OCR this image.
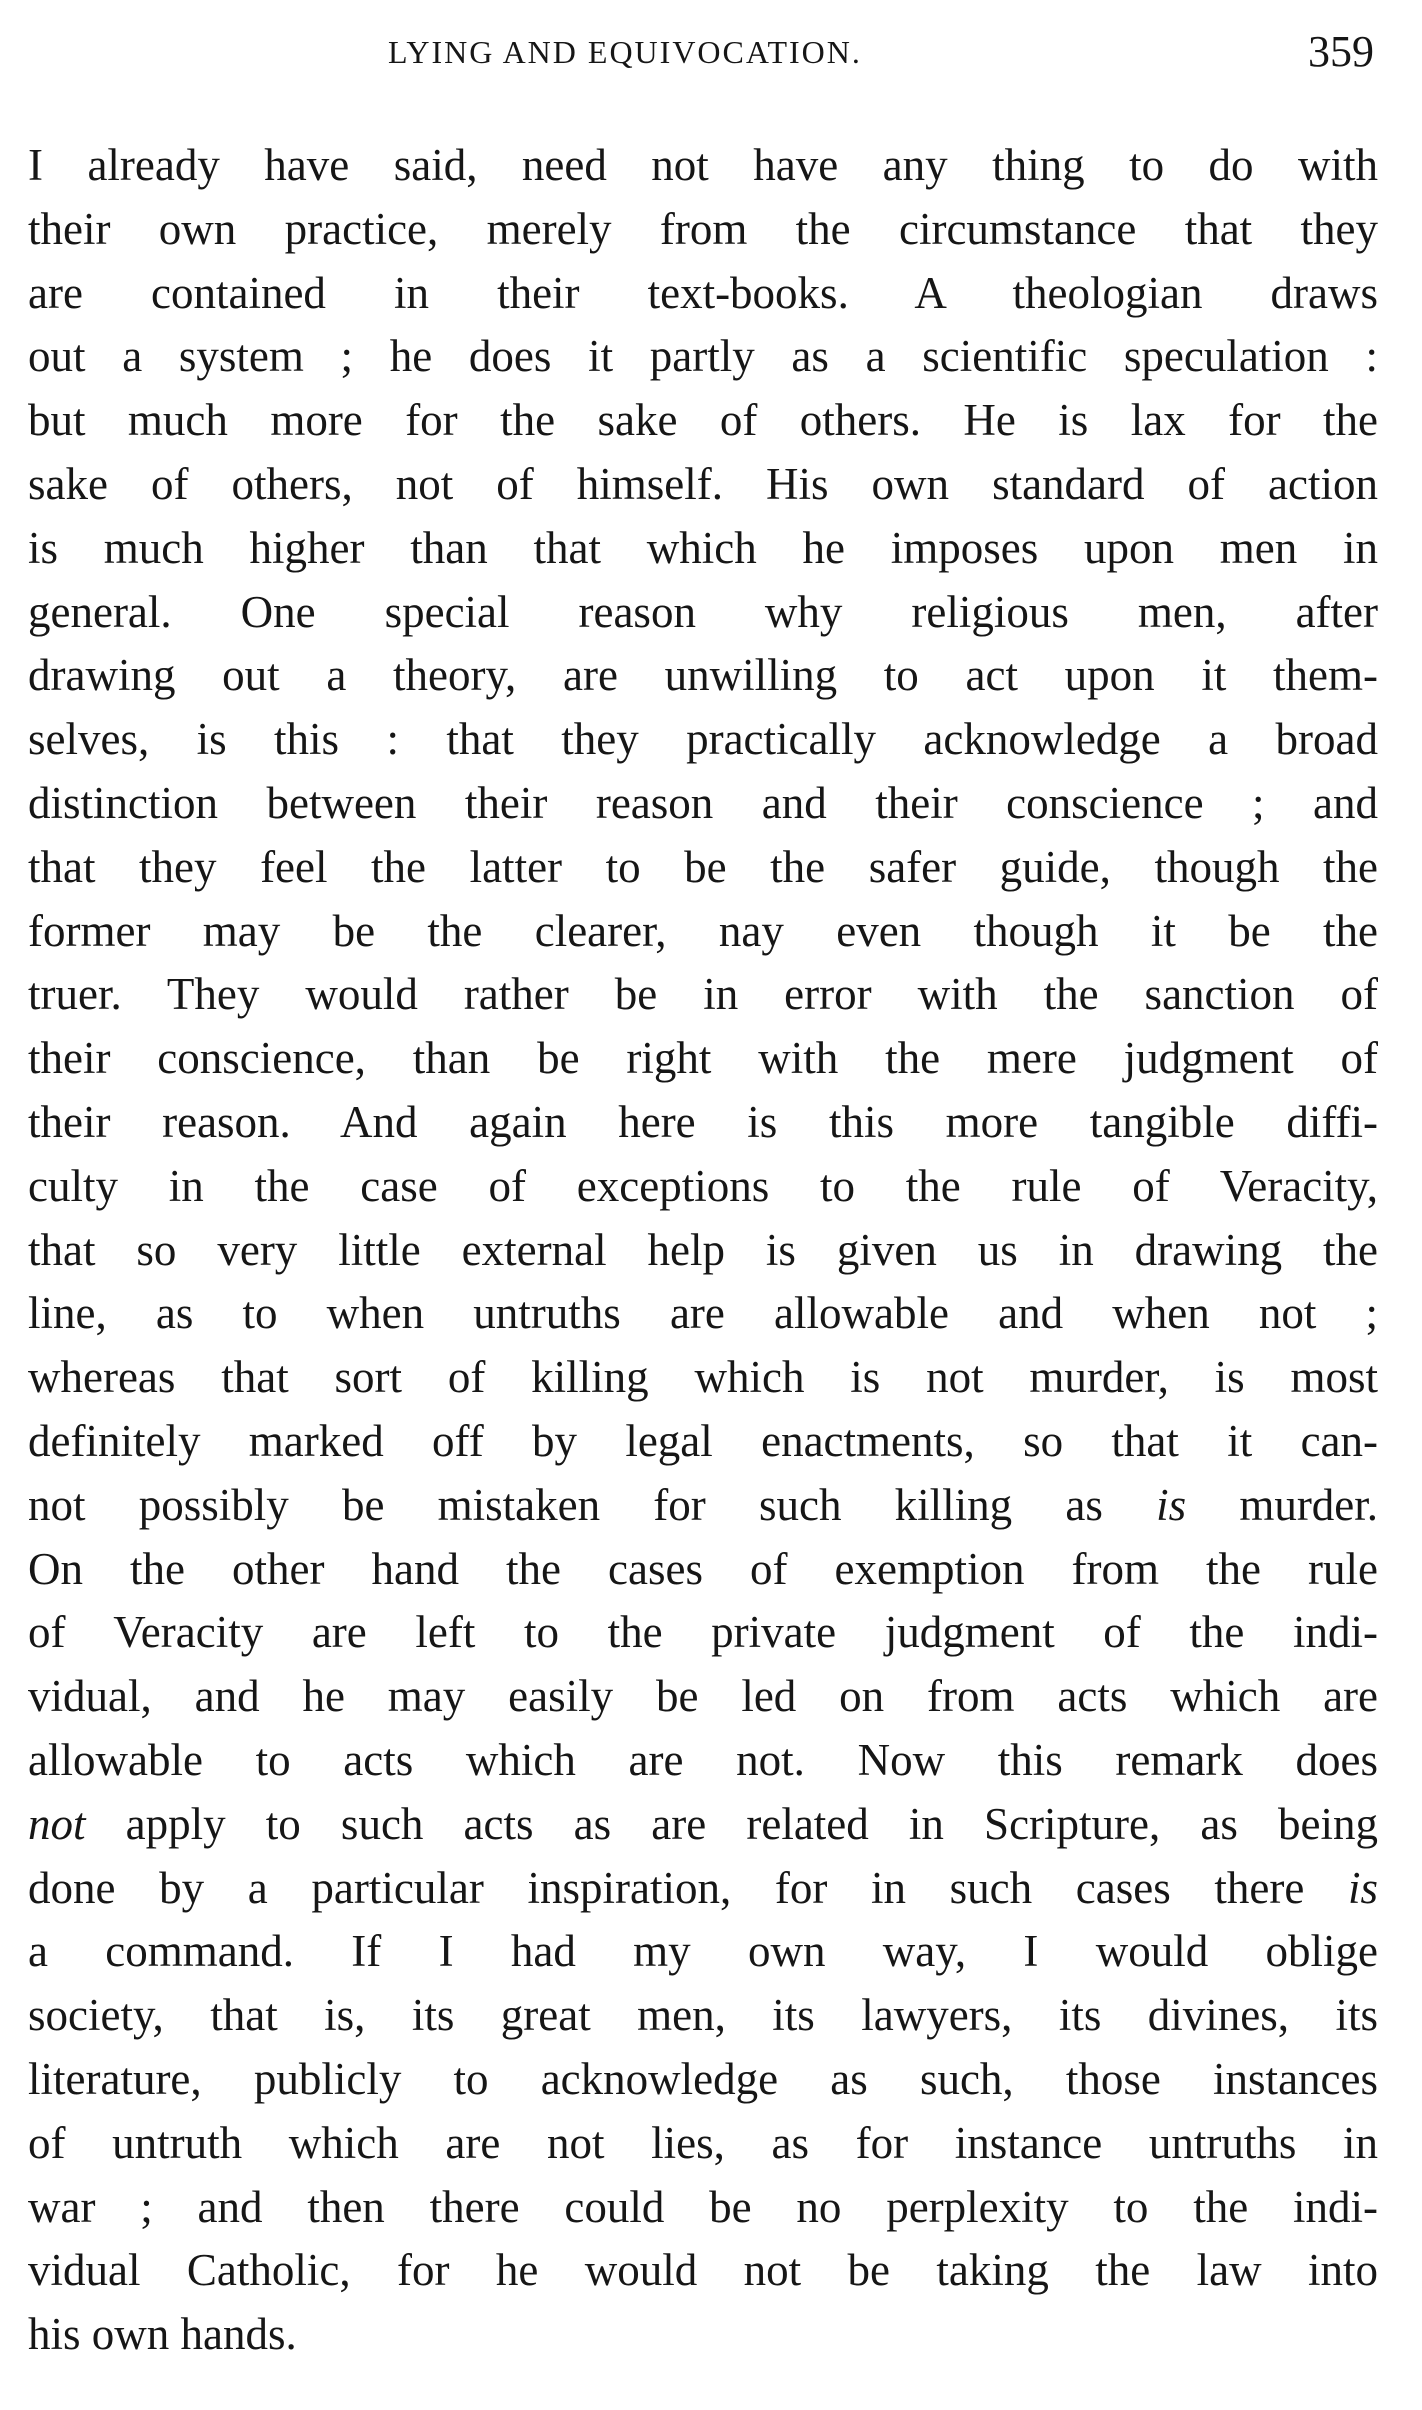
LYING AND EQUIVOCATION.	359
I already have said, need not have any thing to do with
their own practice, merely from the circumstance that they
are contained in their text-books. A theologian draws
out a system ; he does it partly as a scientific speculation :
but much more for the sake of others. He is lax for the
sake of others, not of himself. His own standard of action
is much higher than that which he imposes upon men in
general. One special reason why religious men, after
drawing out a theory, are unwilling to act upon it them-
selves, is this : that they practically acknowledge a broad
distinction between their reason and their conscience ; and
that they feel the latter to be the safer guide, though the
former may be the clearer, nay even though it be the
truer. They would rather be in error with the sanction of
their conscience, than be right with the mere judgment of
their reason. And again here is this more tangible diffi-
culty in the case of exceptions to the rule of Veracity,
that so very little external help is given us in drawing the
line, as to when untruths are allowable and when not ;
whereas that sort of killing which is not murder, is most
definitely marked off by legal enactments, so that it can-
not possibly be mistaken for such killing as is murder.
On the other hand the cases of exemption from the rule
of Veracity are left to the private judgment of the indi-
vidual, and he may easily be led on from acts which are
allowable to acts which are not. Now this remark does
not apply to such acts as are related in Scripture, as being
done by a particular inspiration, for in such cases there is
a command. If I had my own way, I would oblige
society, that is, its great men, its lawyers, its divines, its
literature, publicly to acknowledge as such, those instances
of untruth which are not lies, as for instance untruths in
war ; and then there could be no perplexity to the indi-
vidual Catholic, for he would not be taking the law into
his own hands.
